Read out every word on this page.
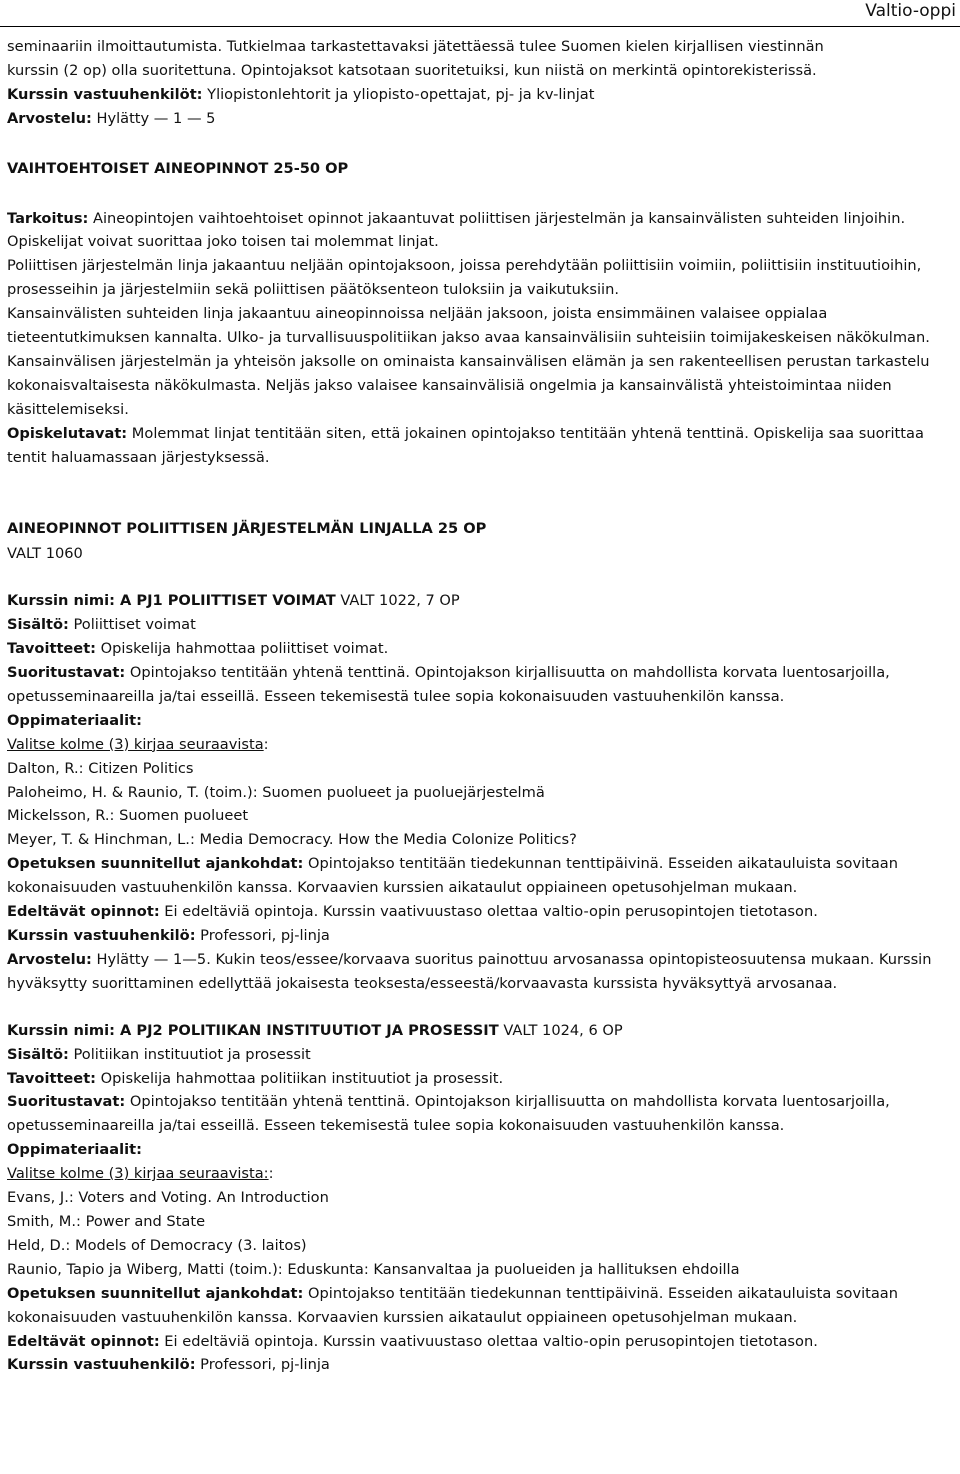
Valtio-oppi

seminaariin ilmoittautumista. Tutkielmaa tarkastettavaksi jätettäessä tulee Suomen kielen kirjallisen viestinnän

kurssin (2 op) olla suoritettuna. Opintojaksot katsotaan suoritetuiksi, kun niistä on merkintä opintorekisterissä.

Kurssin vastuuhenkilöt: Yliopistonlehtorit ja yliopisto-opettajat, pj- ja kv-linjat

Arvostelu: Hylätty — 1 — 5

VAIHTOEHTOISET AINEOPINNOT 25-50 OP

Tarkoitus: Aineopintojen vaihtoehtoiset opinnot jakaantuvat poliittisen järjestelmän ja kansainvälisten suhteiden linjoihin. Opiskelijat voivat suorittaa joko toisen tai molemmat linjat.

Poliittisen järjestelmän linja jakaantuu neljään opintojaksoon, joissa perehdytään poliittisiin voimiin, poliittisiin instituutioihin, prosesseihin ja järjestelmiin sekä poliittisen päätöksenteon tuloksiin ja vaikutuksiin.

Kansainvälisten suhteiden linja jakaantuu aineopinnoissa neljään jaksoon, joista ensimmäinen valaisee oppialaa tieteentutkimuksen kannalta. Ulko- ja turvallisuuspolitiikan jakso avaa kansainvälisiin suhteisiin toimijakeskeisen näkökulman. Kansainvälisen järjestelmän ja yhteisön jaksolle on ominaista kansainvälisen elämän ja sen rakenteellisen perustan tarkastelu kokonaisvaltaisesta näkökulmasta. Neljäs jakso valaisee kansainvälisiä ongelmia ja kansainvälistä yhteistoimintaa niiden käsittelemiseksi.

Opiskelutavat: Molemmat linjat tentitään siten, että jokainen opintojakso tentitään yhtenä tenttinä. Opiskelija saa suorittaa tentit haluamassaan järjestyksessä.

AINEOPINNOT POLIITTISEN JÄRJESTELMÄN LINJALLA 25 OP

VALT 1060

Kurssin nimi: A PJ1 POLIITTISET VOIMAT VALT 1022, 7 OP

Sisältö: Poliittiset voimat

Tavoitteet: Opiskelija hahmottaa poliittiset voimat.

Suoritustavat: Opintojakso tentitään yhtenä tenttinä. Opintojakson kirjallisuutta on mahdollista korvata luentosarjoilla, opetusseminaareilla ja/tai esseillä. Esseen tekemisestä tulee sopia kokonaisuuden vastuuhenkilön kanssa.

Oppimateriaalit:

Valitse kolme (3) kirjaa seuraavista:

Dalton, R.: Citizen Politics

Paloheimo, H. & Raunio, T. (toim.): Suomen puolueet ja puoluejärjestelmä

Mickelsson, R.: Suomen puolueet

Meyer, T. & Hinchman, L.: Media Democracy. How the Media Colonize Politics?

Opetuksen suunnitellut ajankohdat: Opintojakso tentitään tiedekunnan tenttipäivinä. Esseiden aikatauluista sovitaan kokonaisuuden vastuuhenkilön kanssa. Korvaavien kurssien aikataulut oppiaineen opetusohjelman mukaan.

Edeltävät opinnot: Ei edeltäviä opintoja. Kurssin vaativuustaso olettaa valtio-opin perusopintojen tietotason.

Kurssin vastuuhenkilö: Professori, pj-linja

Arvostelu: Hylätty — 1—5. Kukin teos/essee/korvaava suoritus painottuu arvosanassa opintopisteosuutensa mukaan. Kurssin hyväksytty suorittaminen edellyttää jokaisesta teoksesta/esseestä/korvaavasta kurssista hyväksyttyä arvosanaa.

Kurssin nimi: A PJ2 POLITIIKAN INSTITUUTIOT JA PROSESSIT VALT 1024, 6 OP

Sisältö: Politiikan instituutiot ja prosessit

Tavoitteet: Opiskelija hahmottaa politiikan instituutiot ja prosessit.

Suoritustavat: Opintojakso tentitään yhtenä tenttinä. Opintojakson kirjallisuutta on mahdollista korvata luentosarjoilla, opetusseminaareilla ja/tai esseillä. Esseen tekemisestä tulee sopia kokonaisuuden vastuuhenkilön kanssa.

Oppimateriaalit:

Valitse kolme (3) kirjaa seuraavista::

Evans, J.: Voters and Voting. An Introduction

Smith, M.: Power and State

Held, D.: Models of Democracy (3. laitos)

Raunio, Tapio ja Wiberg, Matti (toim.): Eduskunta: Kansanvaltaa ja puolueiden ja hallituksen ehdoilla

Opetuksen suunnitellut ajankohdat: Opintojakso tentitään tiedekunnan tenttipäivinä. Esseiden aikatauluista sovitaan kokonaisuuden vastuuhenkilön kanssa. Korvaavien kurssien aikataulut oppiaineen opetusohjelman mukaan.

Edeltävät opinnot: Ei edeltäviä opintoja. Kurssin vaativuustaso olettaa valtio-opin perusopintojen tietotason.

Kurssin vastuuhenkilö: Professori, pj-linja
